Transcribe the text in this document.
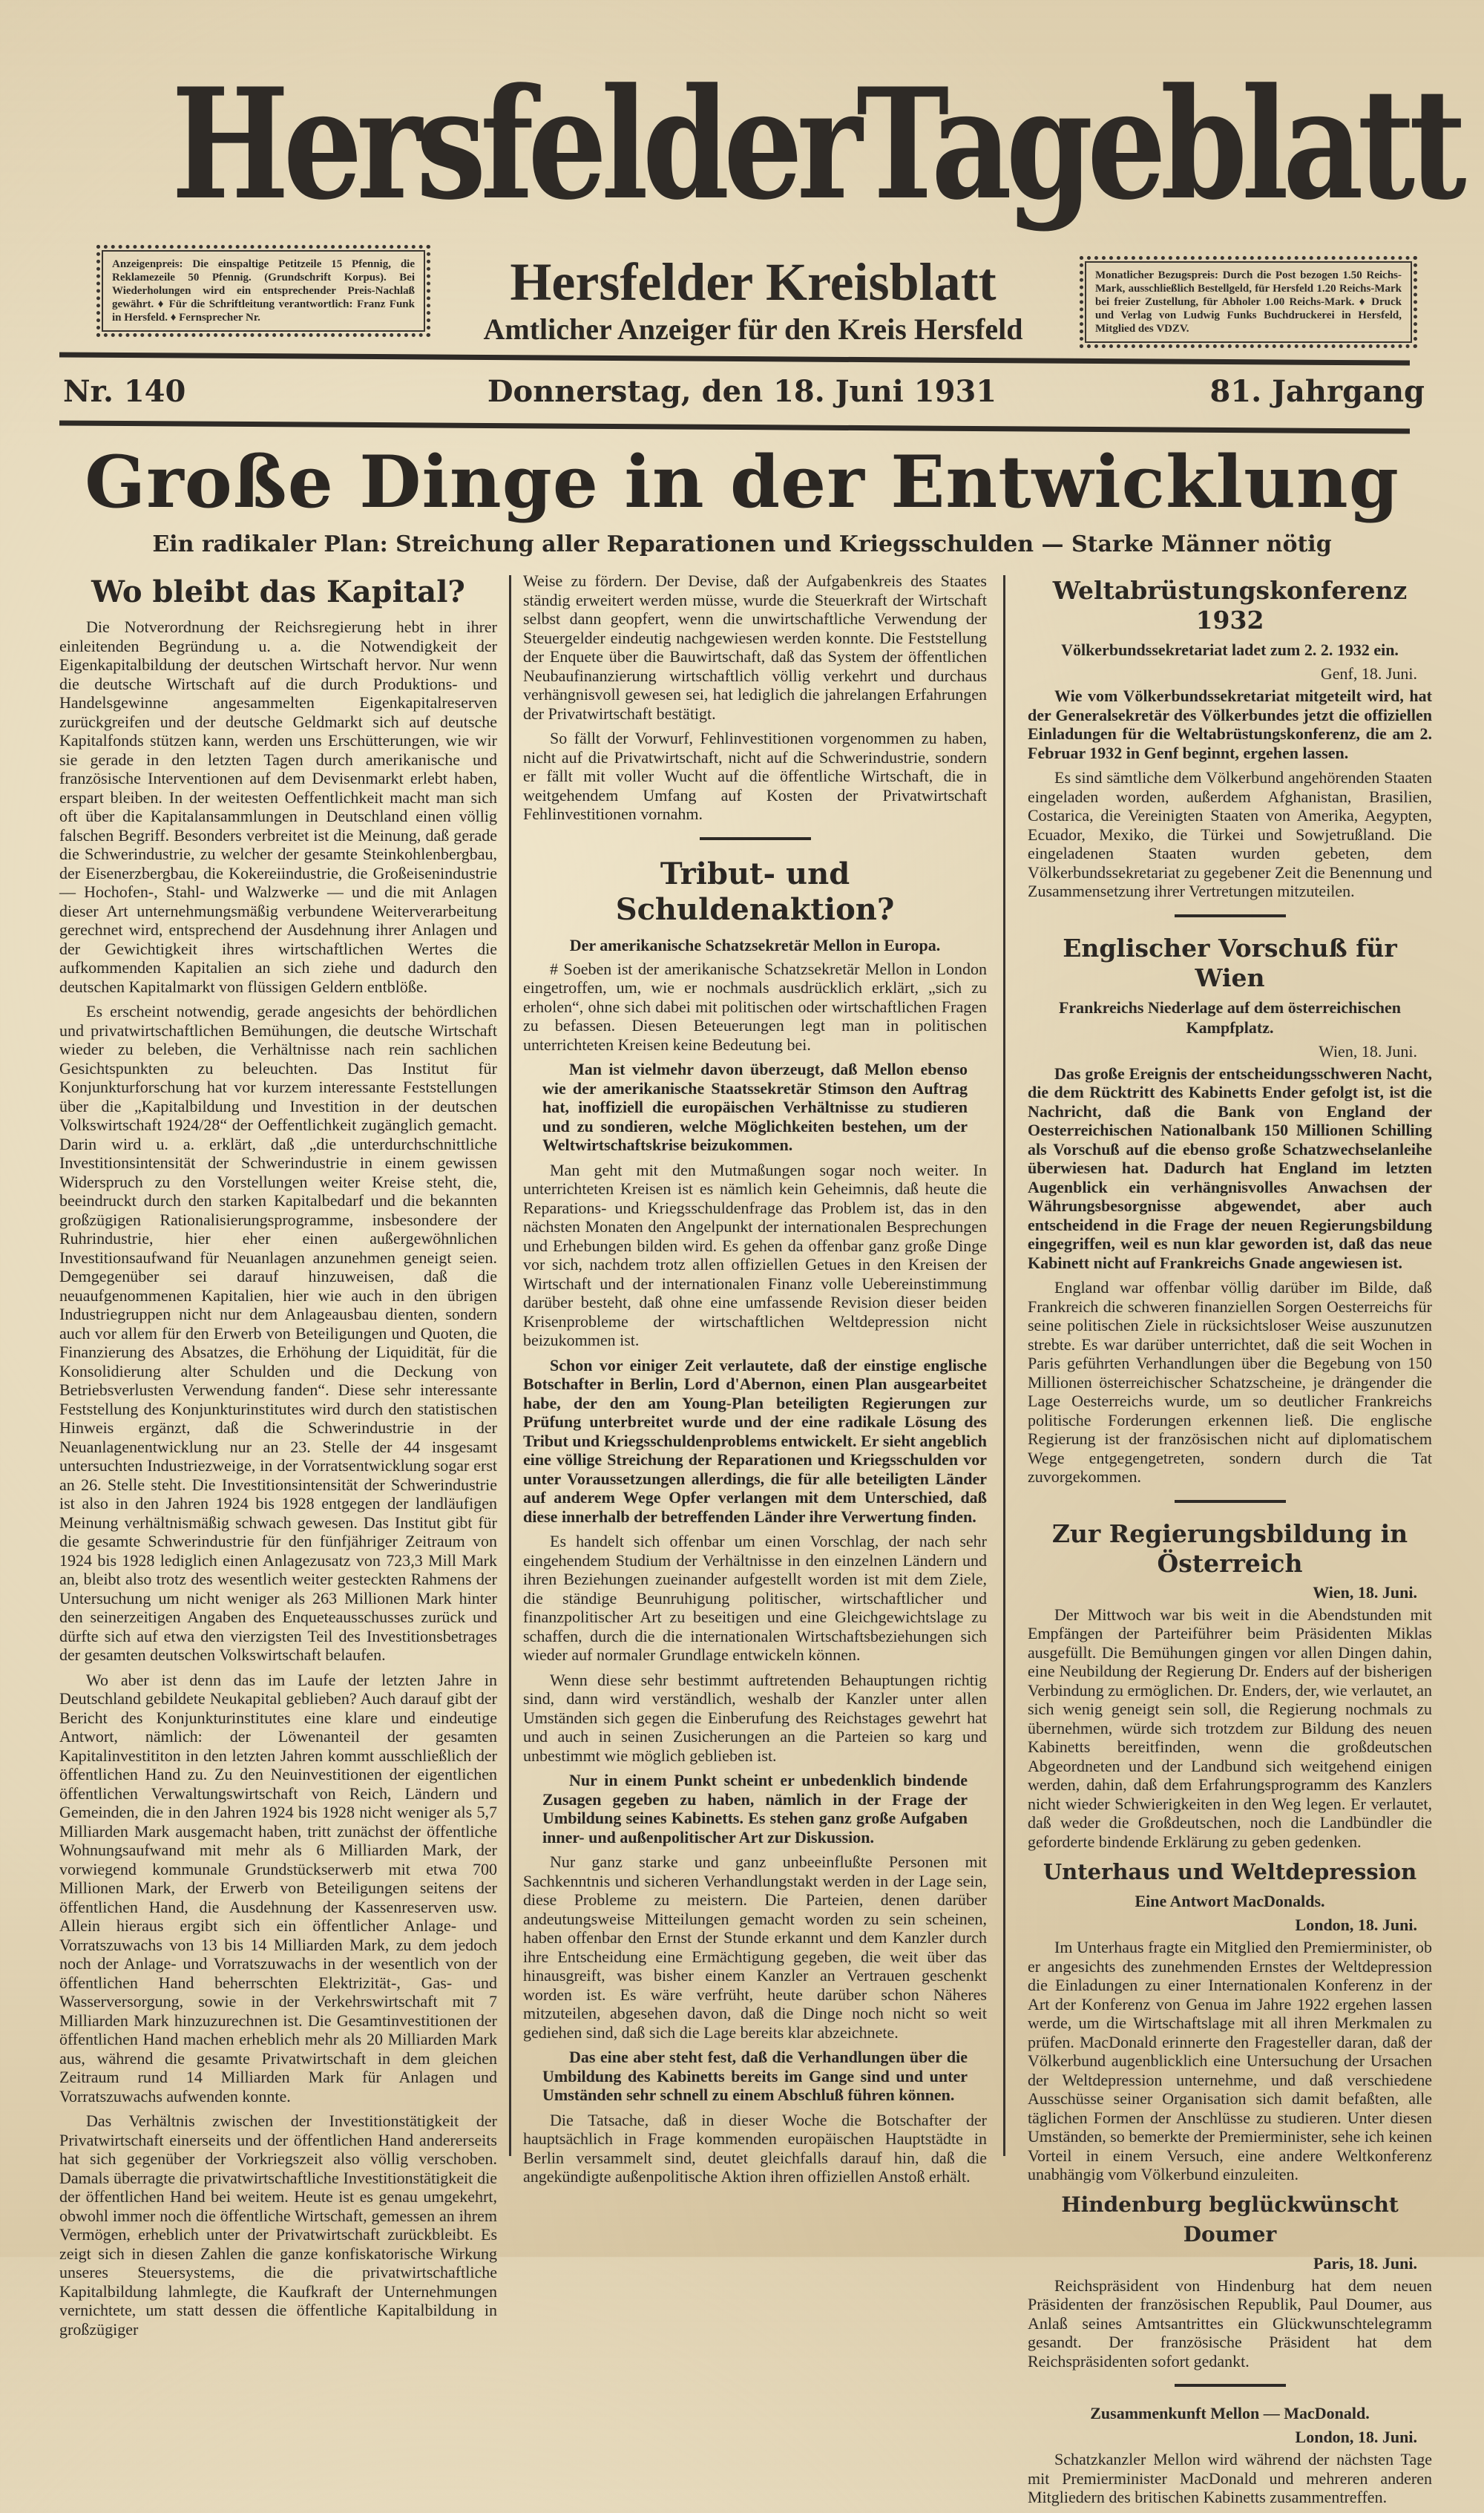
HersfelderTageblatt
Anzeigenpreis: Die einspaltige Petitzeile 15 Pfennig, die Reklamezeile 50 Pfennig. (Grundschrift Korpus). Bei Wiederholungen wird ein entsprechender Preis-Nachlaß gewährt. ♦ Für die Schriftleitung verantwortlich: Franz Funk in Hersfeld. ♦ Fernsprecher Nr.
Hersfelder Kreisblatt
Amtlicher Anzeiger für den Kreis Hersfeld
Monatlicher Bezugspreis: Durch die Post bezogen 1.50 Reichs-Mark, ausschließlich Bestellgeld, für Hersfeld 1.20 Reichs-Mark bei freier Zustellung, für Abholer 1.00 Reichs-Mark. ♦ Druck und Verlag von Ludwig Funks Buchdruckerei in Hersfeld, Mitglied des VDZV.
Nr. 140	Donnerstag, den 18. Juni 1931	81. Jahrgang
Große Dinge in der Entwicklung
Ein radikaler Plan: Streichung aller Reparationen und Kriegsschulden — Starke Männer nötig
Wo bleibt das Kapital?

Die Notverordnung der Reichsregierung hebt in ihrer einleitenden Begründung u. a. die Notwendigkeit der Eigenkapitalbildung der deutschen Wirtschaft hervor. Nur wenn die deutsche Wirtschaft auf die durch Produktions- und Handelsgewinne angesammelten Eigenkapitalreserven zurückgreifen und der deutsche Geldmarkt sich auf deutsche Kapitalfonds stützen kann, werden uns Erschütterungen, wie wir sie gerade in den letzten Tagen durch amerikanische und französische Interventionen auf dem Devisenmarkt erlebt haben, erspart bleiben. In der weitesten Oeffentlichkeit macht man sich oft über die Kapitalansammlungen in Deutschland einen völlig falschen Begriff. Besonders verbreitet ist die Meinung, daß gerade die Schwerindustrie, zu welcher der gesamte Steinkohlenbergbau, der Eisenerzbergbau, die Kokereiindustrie, die Großeisenindustrie — Hochofen-, Stahl- und Walzwerke — und die mit Anlagen dieser Art unternehmungsmäßig verbundene Weiterverarbeitung gerechnet wird, entsprechend der Ausdehnung ihrer Anlagen und der Gewichtigkeit ihres wirtschaftlichen Wertes die aufkommenden Kapitalien an sich ziehe und dadurch den deutschen Kapitalmarkt von flüssigen Geldern entblöße.

Es erscheint notwendig, gerade angesichts der behördlichen und privatwirtschaftlichen Bemühungen, die deutsche Wirtschaft wieder zu beleben, die Verhältnisse nach rein sachlichen Gesichtspunkten zu beleuchten. Das Institut für Konjunkturforschung hat vor kurzem interessante Feststellungen über die „Kapitalbildung und Investition in der deutschen Volkswirtschaft 1924/28“ der Oeffentlichkeit zugänglich gemacht. Darin wird u. a. erklärt, daß „die unterdurchschnittliche Investitionsintensität der Schwerindustrie in einem gewissen Widerspruch zu den Vorstellungen weiter Kreise steht, die, beeindruckt durch den starken Kapitalbedarf und die bekannten großzügigen Rationalisierungsprogramme, insbesondere der Ruhrindustrie, hier eher einen außergewöhnlichen Investitionsaufwand für Neuanlagen anzunehmen geneigt seien. Demgegenüber sei darauf hinzuweisen, daß die neuaufgenommenen Kapitalien, hier wie auch in den übrigen Industriegruppen nicht nur dem Anlageausbau dienten, sondern auch vor allem für den Erwerb von Beteiligungen und Quoten, die Finanzierung des Absatzes, die Erhöhung der Liquidität, für die Konsolidierung alter Schulden und die Deckung von Betriebsverlusten Verwendung fanden“. Diese sehr interessante Feststellung des Konjunkturinstitutes wird durch den statistischen Hinweis ergänzt, daß die Schwerindustrie in der Neuanlagenentwicklung nur an 23. Stelle der 44 insgesamt untersuchten Industriezweige, in der Vorratsentwicklung sogar erst an 26. Stelle steht. Die Investitionsintensität der Schwerindustrie ist also in den Jahren 1924 bis 1928 entgegen der landläufigen Meinung verhältnismäßig schwach gewesen. Das Institut gibt für die gesamte Schwerindustrie für den fünfjähriger Zeitraum von 1924 bis 1928 lediglich einen Anlagezusatz von 723,3 Mill Mark an, bleibt also trotz des wesentlich weiter gesteckten Rahmens der Untersuchung um nicht weniger als 263 Millionen Mark hinter den seinerzeitigen Angaben des Enqueteausschusses zurück und dürfte sich auf etwa den vierzigsten Teil des Investitionsbetrages der gesamten deutschen Volkswirtschaft belaufen.

Wo aber ist denn das im Laufe der letzten Jahre in Deutschland gebildete Neukapital geblieben? Auch darauf gibt der Bericht des Konjunkturinstitutes eine klare und eindeutige Antwort, nämlich: der Löwenanteil der gesamten Kapitalinvestititon in den letzten Jahren kommt ausschließlich der öffentlichen Hand zu. Zu den Neuinvestitionen der eigentlichen öffentlichen Verwaltungswirtschaft von Reich, Ländern und Gemeinden, die in den Jahren 1924 bis 1928 nicht weniger als 5,7 Milliarden Mark ausgemacht haben, tritt zunächst der öffentliche Wohnungsaufwand mit mehr als 6 Milliarden Mark, der vorwiegend kommunale Grundstückserwerb mit etwa 700 Millionen Mark, der Erwerb von Beteiligungen seitens der öffentlichen Hand, die Ausdehnung der Kassenreserven usw. Allein hieraus ergibt sich ein öffentlicher Anlage- und Vorratszuwachs von 13 bis 14 Milliarden Mark, zu dem jedoch noch der Anlage- und Vorratszuwachs in der wesentlich von der öffentlichen Hand beherrschten Elektrizität-, Gas- und Wasserversorgung, sowie in der Verkehrswirtschaft mit 7 Milliarden Mark hinzuzurechnen ist. Die Gesamtinvestitionen der öffentlichen Hand machen erheblich mehr als 20 Milliarden Mark aus, während die gesamte Privatwirtschaft in dem gleichen Zeitraum rund 14 Milliarden Mark für Anlagen und Vorratszuwachs aufwenden konnte.

Das Verhältnis zwischen der Investitionstätigkeit der Privatwirtschaft einerseits und der öffentlichen Hand andererseits hat sich gegenüber der Vorkriegszeit also völlig verschoben. Damals überragte die privatwirtschaftliche Investitionstätigkeit die der öffentlichen Hand bei weitem. Heute ist es genau umgekehrt, obwohl immer noch die öffentliche Wirtschaft, gemessen an ihrem Vermögen, erheblich unter der Privatwirtschaft zurückbleibt. Es zeigt sich in diesen Zahlen die ganze konfiskatorische Wirkung unseres Steuersystems, die die privatwirtschaftliche Kapitalbildung lahmlegte, die Kaufkraft der Unternehmungen vernichtete, um statt dessen die öffentliche Kapitalbildung in großzügiger

Weise zu fördern. Der Devise, daß der Aufgabenkreis des Staates ständig erweitert werden müsse, wurde die Steuerkraft der Wirtschaft selbst dann geopfert, wenn die unwirtschaftliche Verwendung der Steuergelder eindeutig nachgewiesen werden konnte. Die Feststellung der Enquete über die Bauwirtschaft, daß das System der öffentlichen Neubaufinanzierung wirtschaftlich völlig verkehrt und durchaus verhängnisvoll gewesen sei, hat lediglich die jahrelangen Erfahrungen der Privatwirtschaft bestätigt.

So fällt der Vorwurf, Fehlinvestitionen vorgenommen zu haben, nicht auf die Privatwirtschaft, nicht auf die Schwerindustrie, sondern er fällt mit voller Wucht auf die öffentliche Wirtschaft, die in weitgehendem Umfang auf Kosten der Privatwirtschaft Fehlinvestitionen vornahm.

Tribut- und Schuldenaktion?
Der amerikanische Schatzsekretär Mellon in Europa.

# Soeben ist der amerikanische Schatzsekretär Mellon in London eingetroffen, um, wie er nochmals ausdrücklich erklärt, „sich zu erholen“, ohne sich dabei mit politischen oder wirtschaftlichen Fragen zu befassen. Diesen Beteuerungen legt man in politischen unterrichteten Kreisen keine Bedeutung bei.

Man ist vielmehr davon überzeugt, daß Mellon ebenso wie der amerikanische Staatssekretär Stimson den Auftrag hat, inoffiziell die europäischen Verhältnisse zu studieren und zu sondieren, welche Möglichkeiten bestehen, um der Weltwirtschaftskrise beizukommen.

Man geht mit den Mutmaßungen sogar noch weiter. In unterrichteten Kreisen ist es nämlich kein Geheimnis, daß heute die Reparations- und Kriegsschuldenfrage das Problem ist, das in den nächsten Monaten den Angelpunkt der internationalen Besprechungen und Erhebungen bilden wird. Es gehen da offenbar ganz große Dinge vor sich, nachdem trotz allen offiziellen Getues in den Kreisen der Wirtschaft und der internationalen Finanz volle Uebereinstimmung darüber besteht, daß ohne eine umfassende Revision dieser beiden Krisenprobleme der wirtschaftlichen Weltdepression nicht beizukommen ist.

Schon vor einiger Zeit verlautete, daß der einstige englische Botschafter in Berlin, Lord d'Abernon, einen Plan ausgearbeitet habe, der den am Young-Plan beteiligten Regierungen zur Prüfung unterbreitet wurde und der eine radikale Lösung des Tribut und Kriegsschuldenproblems entwickelt. Er sieht angeblich eine völlige Streichung der Reparationen und Kriegsschulden vor unter Voraussetzungen allerdings, die für alle beteiligten Länder auf anderem Wege Opfer verlangen mit dem Unterschied, daß diese innerhalb der betreffenden Länder ihre Verwertung finden.

Es handelt sich offenbar um einen Vorschlag, der nach sehr eingehendem Studium der Verhältnisse in den einzelnen Ländern und ihren Beziehungen zueinander aufgestellt worden ist mit dem Ziele, die ständige Beunruhigung politischer, wirtschaftlicher und finanzpolitischer Art zu beseitigen und eine Gleichgewichtslage zu schaffen, durch die die internationalen Wirtschaftsbeziehungen sich wieder auf normaler Grundlage entwickeln können.

Wenn diese sehr bestimmt auftretenden Behauptungen richtig sind, dann wird verständlich, weshalb der Kanzler unter allen Umständen sich gegen die Einberufung des Reichstages gewehrt hat und auch in seinen Zusicherungen an die Parteien so karg und unbestimmt wie möglich geblieben ist.

Nur in einem Punkt scheint er unbedenklich bindende Zusagen gegeben zu haben, nämlich in der Frage der Umbildung seines Kabinetts. Es stehen ganz große Aufgaben inner- und außenpolitischer Art zur Diskussion.

Nur ganz starke und ganz unbeeinflußte Personen mit Sachkenntnis und sicheren Verhandlungstakt werden in der Lage sein, diese Probleme zu meistern. Die Parteien, denen darüber andeutungsweise Mitteilungen gemacht worden zu sein scheinen, haben offenbar den Ernst der Stunde erkannt und dem Kanzler durch ihre Entscheidung eine Ermächtigung gegeben, die weit über das hinausgreift, was bisher einem Kanzler an Vertrauen geschenkt worden ist. Es wäre verfrüht, heute darüber schon Näheres mitzuteilen, abgesehen davon, daß die Dinge noch nicht so weit gediehen sind, daß sich die Lage bereits klar abzeichnete.

Das eine aber steht fest, daß die Verhandlungen über die Umbildung des Kabinetts bereits im Gange sind und unter Umständen sehr schnell zu einem Abschluß führen können.

Die Tatsache, daß in dieser Woche die Botschafter der hauptsächlich in Frage kommenden europäischen Hauptstädte in Berlin versammelt sind, deutet gleichfalls darauf hin, daß die angekündigte außenpolitische Aktion ihren offiziellen Anstoß erhält.

Weltabrüstungskonferenz 1932
Völkerbundssekretariat ladet zum 2. 2. 1932 ein.
Genf, 18. Juni.

Wie vom Völkerbundssekretariat mitgeteilt wird, hat der Generalsekretär des Völkerbundes jetzt die offiziellen Einladungen für die Weltabrüstungskonferenz, die am 2. Februar 1932 in Genf beginnt, ergehen lassen.

Es sind sämtliche dem Völkerbund angehörenden Staaten eingeladen worden, außerdem Afghanistan, Brasilien, Costarica, die Vereinigten Staaten von Amerika, Aegypten, Ecuador, Mexiko, die Türkei und Sowjetrußland. Die eingeladenen Staaten wurden gebeten, dem Völkerbundssekretariat zu gegebener Zeit die Benennung und Zusammensetzung ihrer Vertretungen mitzuteilen.

Englischer Vorschuß für Wien
Frankreichs Niederlage auf dem österreichischen Kampfplatz.
Wien, 18. Juni.

Das große Ereignis der entscheidungsschweren Nacht, die dem Rücktritt des Kabinetts Ender gefolgt ist, ist die Nachricht, daß die Bank von England der Oesterreichischen Nationalbank 150 Millionen Schilling als Vorschuß auf die ebenso große Schatzwechselanleihe überwiesen hat. Dadurch hat England im letzten Augenblick ein verhängnisvolles Anwachsen der Währungsbesorgnisse abgewendet, aber auch entscheidend in die Frage der neuen Regierungsbildung eingegriffen, weil es nun klar geworden ist, daß das neue Kabinett nicht auf Frankreichs Gnade angewiesen ist.

England war offenbar völlig darüber im Bilde, daß Frankreich die schweren finanziellen Sorgen Oesterreichs für seine politischen Ziele in rücksichtsloser Weise auszunutzen strebte. Es war darüber unterrichtet, daß die seit Wochen in Paris geführten Verhandlungen über die Begebung von 150 Millionen österreichischer Schatzscheine, je drängender die Lage Oesterreichs wurde, um so deutlicher Frankreichs politische Forderungen erkennen ließ. Die englische Regierung ist der französischen nicht auf diplomatischem Wege entgegengetreten, sondern durch die Tat zuvorgekommen.

Zur Regierungsbildung in Österreich
Wien, 18. Juni.

Der Mittwoch war bis weit in die Abendstunden mit Empfängen der Parteiführer beim Präsidenten Miklas ausgefüllt. Die Bemühungen gingen vor allen Dingen dahin, eine Neubildung der Regierung Dr. Enders auf der bisherigen Verbindung zu ermöglichen. Dr. Enders, der, wie verlautet, an sich wenig geneigt sein soll, die Regierung nochmals zu übernehmen, würde sich trotzdem zur Bildung des neuen Kabinetts bereitfinden, wenn die großdeutschen Abgeordneten und der Landbund sich weitgehend einigen werden, dahin, daß dem Erfahrungsprogramm des Kanzlers nicht wieder Schwierigkeiten in den Weg legen. Er verlautet, daß weder die Großdeutschen, noch die Landbündler die geforderte bindende Erklärung zu geben gedenken.

Unterhaus und Weltdepression
Eine Antwort MacDonalds.
London, 18. Juni.

Im Unterhaus fragte ein Mitglied den Premierminister, ob er angesichts des zunehmenden Ernstes der Weltdepression die Einladungen zu einer Internationalen Konferenz in der Art der Konferenz von Genua im Jahre 1922 ergehen lassen werde, um die Wirtschaftslage mit all ihren Merkmalen zu prüfen. MacDonald erinnerte den Fragesteller daran, daß der Völkerbund augenblicklich eine Untersuchung der Ursachen der Weltdepression unternehme, und daß verschiedene Ausschüsse seiner Organisation sich damit befaßten, alle täglichen Formen der Anschlüsse zu studieren. Unter diesen Umständen, so bemerkte der Premierminister, sehe ich keinen Vorteil in einem Versuch, eine andere Weltkonferenz unabhängig vom Völkerbund einzuleiten.

Hindenburg beglückwünscht Doumer
Paris, 18. Juni.

Reichspräsident von Hindenburg hat dem neuen Präsidenten der französischen Republik, Paul Doumer, aus Anlaß seines Amtsantrittes ein Glückwunschtelegramm gesandt. Der französische Präsident hat dem Reichspräsidenten sofort gedankt.

Zusammenkunft Mellon — MacDonald.
London, 18. Juni.

Schatzkanzler Mellon wird während der nächsten Tage mit Premierminister MacDonald und mehreren anderen Mitgliedern des britischen Kabinetts zusammentreffen.
